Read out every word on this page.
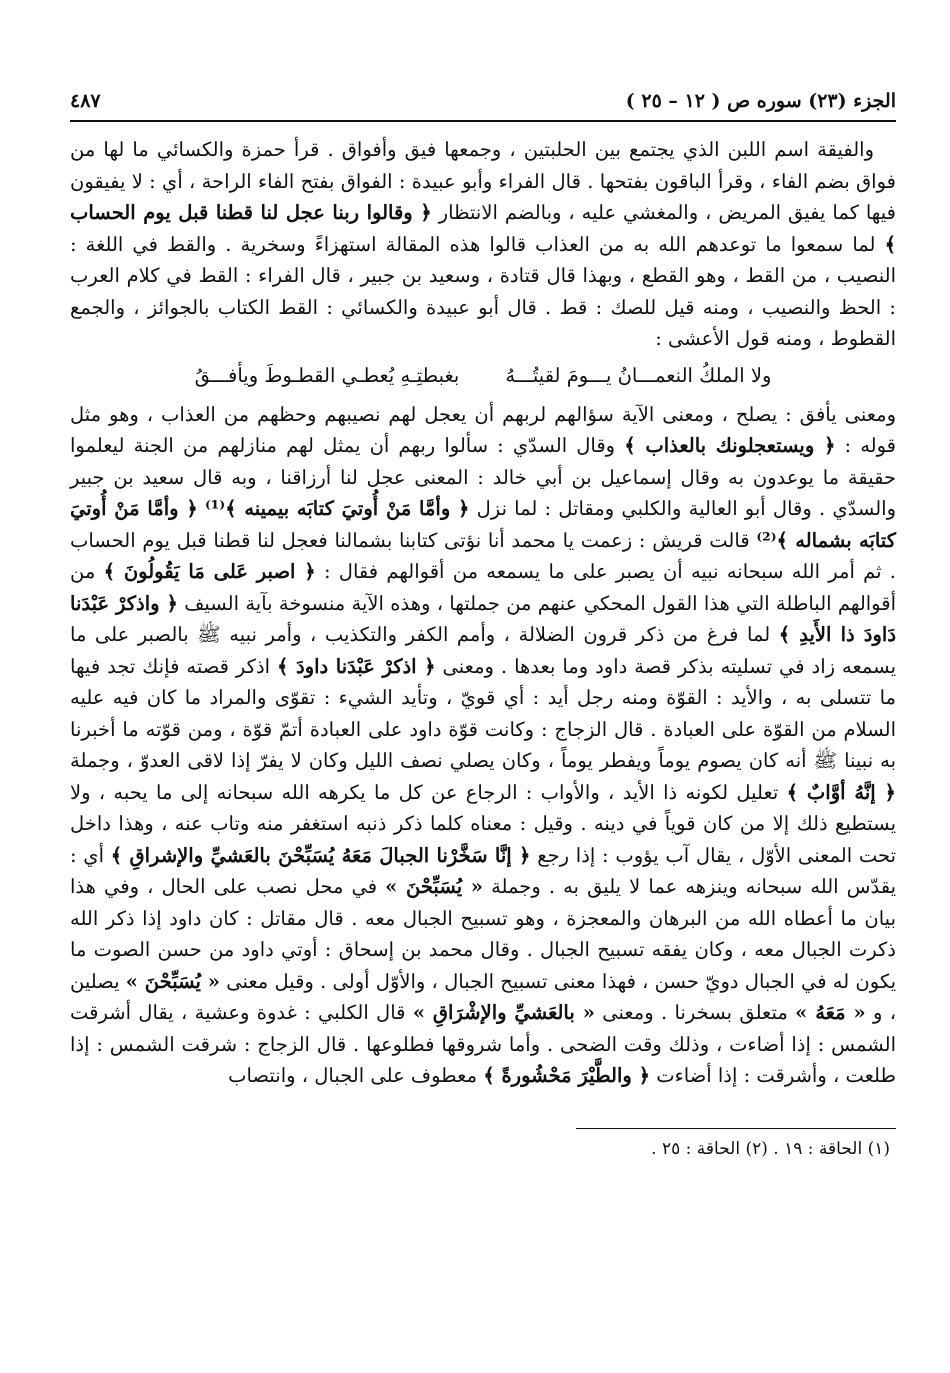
الجزء (٢٣) سوره ص ( ١٢ – ٢٥ )
٤٨٧

والفيقة اسم اللبن الذي يجتمع بين الحلبتين ، وجمعها فيق وأفواق . قرأ حمزة والكسائي ما لها من فواق بضم الفاء ، وقرأ الباقون بفتحها . قال الفراء وأبو عبيدة : الفواق بفتح الفاء الراحة ، أي : لا يفيقون فيها كما يفيق المريض ، والمغشي عليه ، وبالضم الانتظار ﴿ وقالوا ربنا عجل لنا قطنا قبل يوم الحساب ﴾ لما سمعوا ما توعدهم الله به من العذاب قالوا هذه المقالة استهزاءً وسخرية . والقط في اللغة : النصيب ، من القط ، وهو القطع ، وبهذا قال قتادة ، وسعيد بن جبير ، قال الفراء : القط في كلام العرب : الحظ والنصيب ، ومنه قيل للصك : قط . قال أبو عبيدة والكسائي : القط الكتاب بالجوائز ، والجمع القطوط ، ومنه قول الأعشى :

ولا الملكُ النعمـــانُ يـــومَ لقيتُـــهُ
بغبطتِـهِ يُعطـي القطـوطَ ويأفـــقُ

ومعنى يأفق : يصلح ، ومعنى الآية سؤالهم لربهم أن يعجل لهم نصيبهم وحظهم من العذاب ، وهو مثل قوله : ﴿ ويستعجلونك بالعذاب ﴾ وقال السدّي : سألوا ربهم أن يمثل لهم منازلهم من الجنة ليعلموا حقيقة ما يوعدون به وقال إسماعيل بن أبي خالد : المعنى عجل لنا أرزاقنا ، وبه قال سعيد بن جبير والسدّي . وقال أبو العالية والكلبي ومقاتل : لما نزل ﴿ وأمَّا مَنْ أُوتيَ كتابَه بيمينه ﴾⁽¹⁾ ﴿ وأمَّا مَنْ أُوتيَ كتابَه بشماله ﴾⁽²⁾ قالت قريش : زعمت يا محمد أنا نؤتى كتابنا بشمالنا فعجل لنا قطنا قبل يوم الحساب . ثم أمر الله سبحانه نبيه أن يصبر على ما يسمعه من أقوالهم فقال : ﴿ اصبر عَلى مَا يَقُولُونَ ﴾ من أقوالهم الباطلة التي هذا القول المحكي عنهم من جملتها ، وهذه الآية منسوخة بآية السيف ﴿ واذكرْ عَبْدَنا دَاودَ ذا الأَيدِ ﴾ لما فرغ من ذكر قرون الضلالة ، وأمم الكفر والتكذيب ، وأمر نبيه ﷺ بالصبر على ما يسمعه زاد في تسليته بذكر قصة داود وما بعدها . ومعنى ﴿ اذكرْ عَبْدَنا داودَ ﴾ اذكر قصته فإنك تجد فيها ما تتسلى به ، والأيد : القوّة ومنه رجل أيد : أي قويّ ، وتأيد الشيء : تقوّى والمراد ما كان فيه عليه السلام من القوّة على العبادة . قال الزجاج : وكانت قوّة داود على العبادة أتمّ قوّة ، ومن قوّته ما أخبرنا به نبينا ﷺ أنه كان يصوم يوماً ويفطر يوماً ، وكان يصلي نصف الليل وكان لا يفرّ إذا لاقى العدوّ ، وجملة ﴿ إنَّهُ أوَّابٌ ﴾ تعليل لكونه ذا الأيد ، والأواب : الرجاع عن كل ما يكرهه الله سبحانه إلى ما يحبه ، ولا يستطيع ذلك إلا من كان قوياً في دينه . وقيل : معناه كلما ذكر ذنبه استغفر منه وتاب عنه ، وهذا داخل تحت المعنى الأوّل ، يقال آب يؤوب : إذا رجع ﴿ إنَّا سَخَّرْنا الجبالَ مَعَهُ يُسَبِّحْنَ بالعَشيِّ والإشراقِ ﴾ أي : يقدّس الله سبحانه وينزهه عما لا يليق به . وجملة « يُسَبِّحْنَ » في محل نصب على الحال ، وفي هذا بيان ما أعطاه الله من البرهان والمعجزة ، وهو تسبيح الجبال معه . قال مقاتل : كان داود إذا ذكر الله ذكرت الجبال معه ، وكان يفقه تسبيح الجبال . وقال محمد بن إسحاق : أوتي داود من حسن الصوت ما يكون له في الجبال دويّ حسن ، فهذا معنى تسبيح الجبال ، والأوّل أولى . وقيل معنى « يُسَبِّحْنَ » يصلين ، و « مَعَهُ » متعلق بسخرنا . ومعنى « بالعَشيِّ والإشْرَاقِ » قال الكلبي : غدوة وعشية ، يقال أشرقت الشمس : إذا أضاءت ، وذلك وقت الضحى . وأما شروقها فطلوعها . قال الزجاج : شرقت الشمس : إذا طلعت ، وأشرقت : إذا أضاءت ﴿ والطَّيْرَ مَحْشُورةً ﴾ معطوف على الجبال ، وانتصاب

(١) الحاقة : ١٩ . (٢) الحاقة : ٢٥ .
